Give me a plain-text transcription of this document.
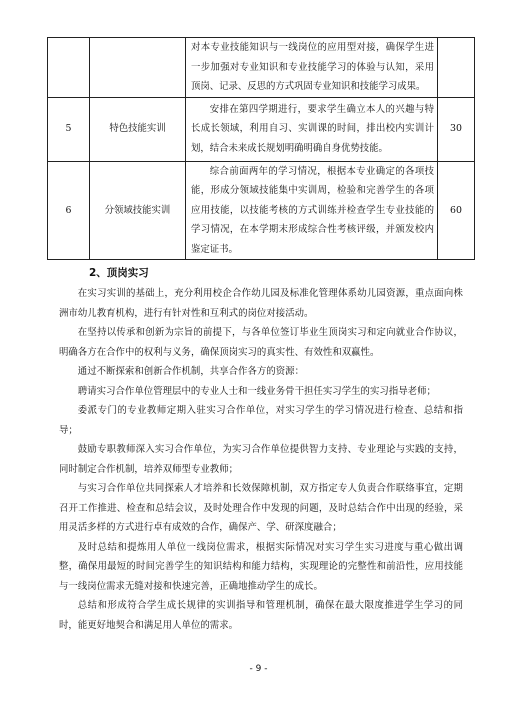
		对本专业技能知识与一线岗位的应用型对接，确保学生进一步加强对专业知识和专业技能学习的体验与认知，采用顶岗、记录、反思的方式巩固专业知识和技能学习成果。	

5	特色技能实训	安排在第四学期进行，要求学生确立本人的兴趣与特长成长领域，利用自习、实训课的时间，排出校内实训计划，结合未来成长规划明确明确自身优势技能。	30
6	分领域技能实训	综合前面两年的学习情况，根据本专业确定的各项技能，形成分领域技能集中实训周，检验和完善学生的各项应用技能，以技能考核的方式训练并检查学生专业技能的学习情况，在本学期末形成综合性考核评级，并颁发校内鉴定证书。	60
2、顶岗实习

在实习实训的基础上，充分利用校企合作幼儿园及标准化管理体系幼儿园资源，重点面向株洲市幼儿教育机构，进行有针对性和互利式的岗位对接活动。

在坚持以传承和创新为宗旨的前提下，与各单位签订毕业生顶岗实习和定向就业合作协议，明确各方在合作中的权利与义务，确保顶岗实习的真实性、有效性和双赢性。

通过不断探索和创新合作机制，共享合作各方的资源：

聘请实习合作单位管理层中的专业人士和一线业务骨干担任实习学生的实习指导老师；

委派专门的专业教师定期入驻实习合作单位，对实习学生的学习情况进行检查、总结和指导；

鼓励专职教师深入实习合作单位，为实习合作单位提供智力支持、专业理论与实践的支持，同时制定合作机制，培养双师型专业教师；

与实习合作单位共同探索人才培养和长效保障机制，双方指定专人负责合作联络事宜，定期召开工作推进、检查和总结会议，及时处理合作中发现的问题，及时总结合作中出现的经验，采用灵活多样的方式进行卓有成效的合作，确保产、学、研深度融合；

及时总结和提炼用人单位一线岗位需求，根据实际情况对实习学生实习进度与重心做出调整，确保用最短的时间完善学生的知识结构和能力结构，实现理论的完整性和前沿性，应用技能与一线岗位需求无缝对接和快速完善，正确地推动学生的成长。

总结和形成符合学生成长规律的实训指导和管理机制，确保在最大限度推进学生学习的同时，能更好地契合和满足用人单位的需求。

- 9 -
